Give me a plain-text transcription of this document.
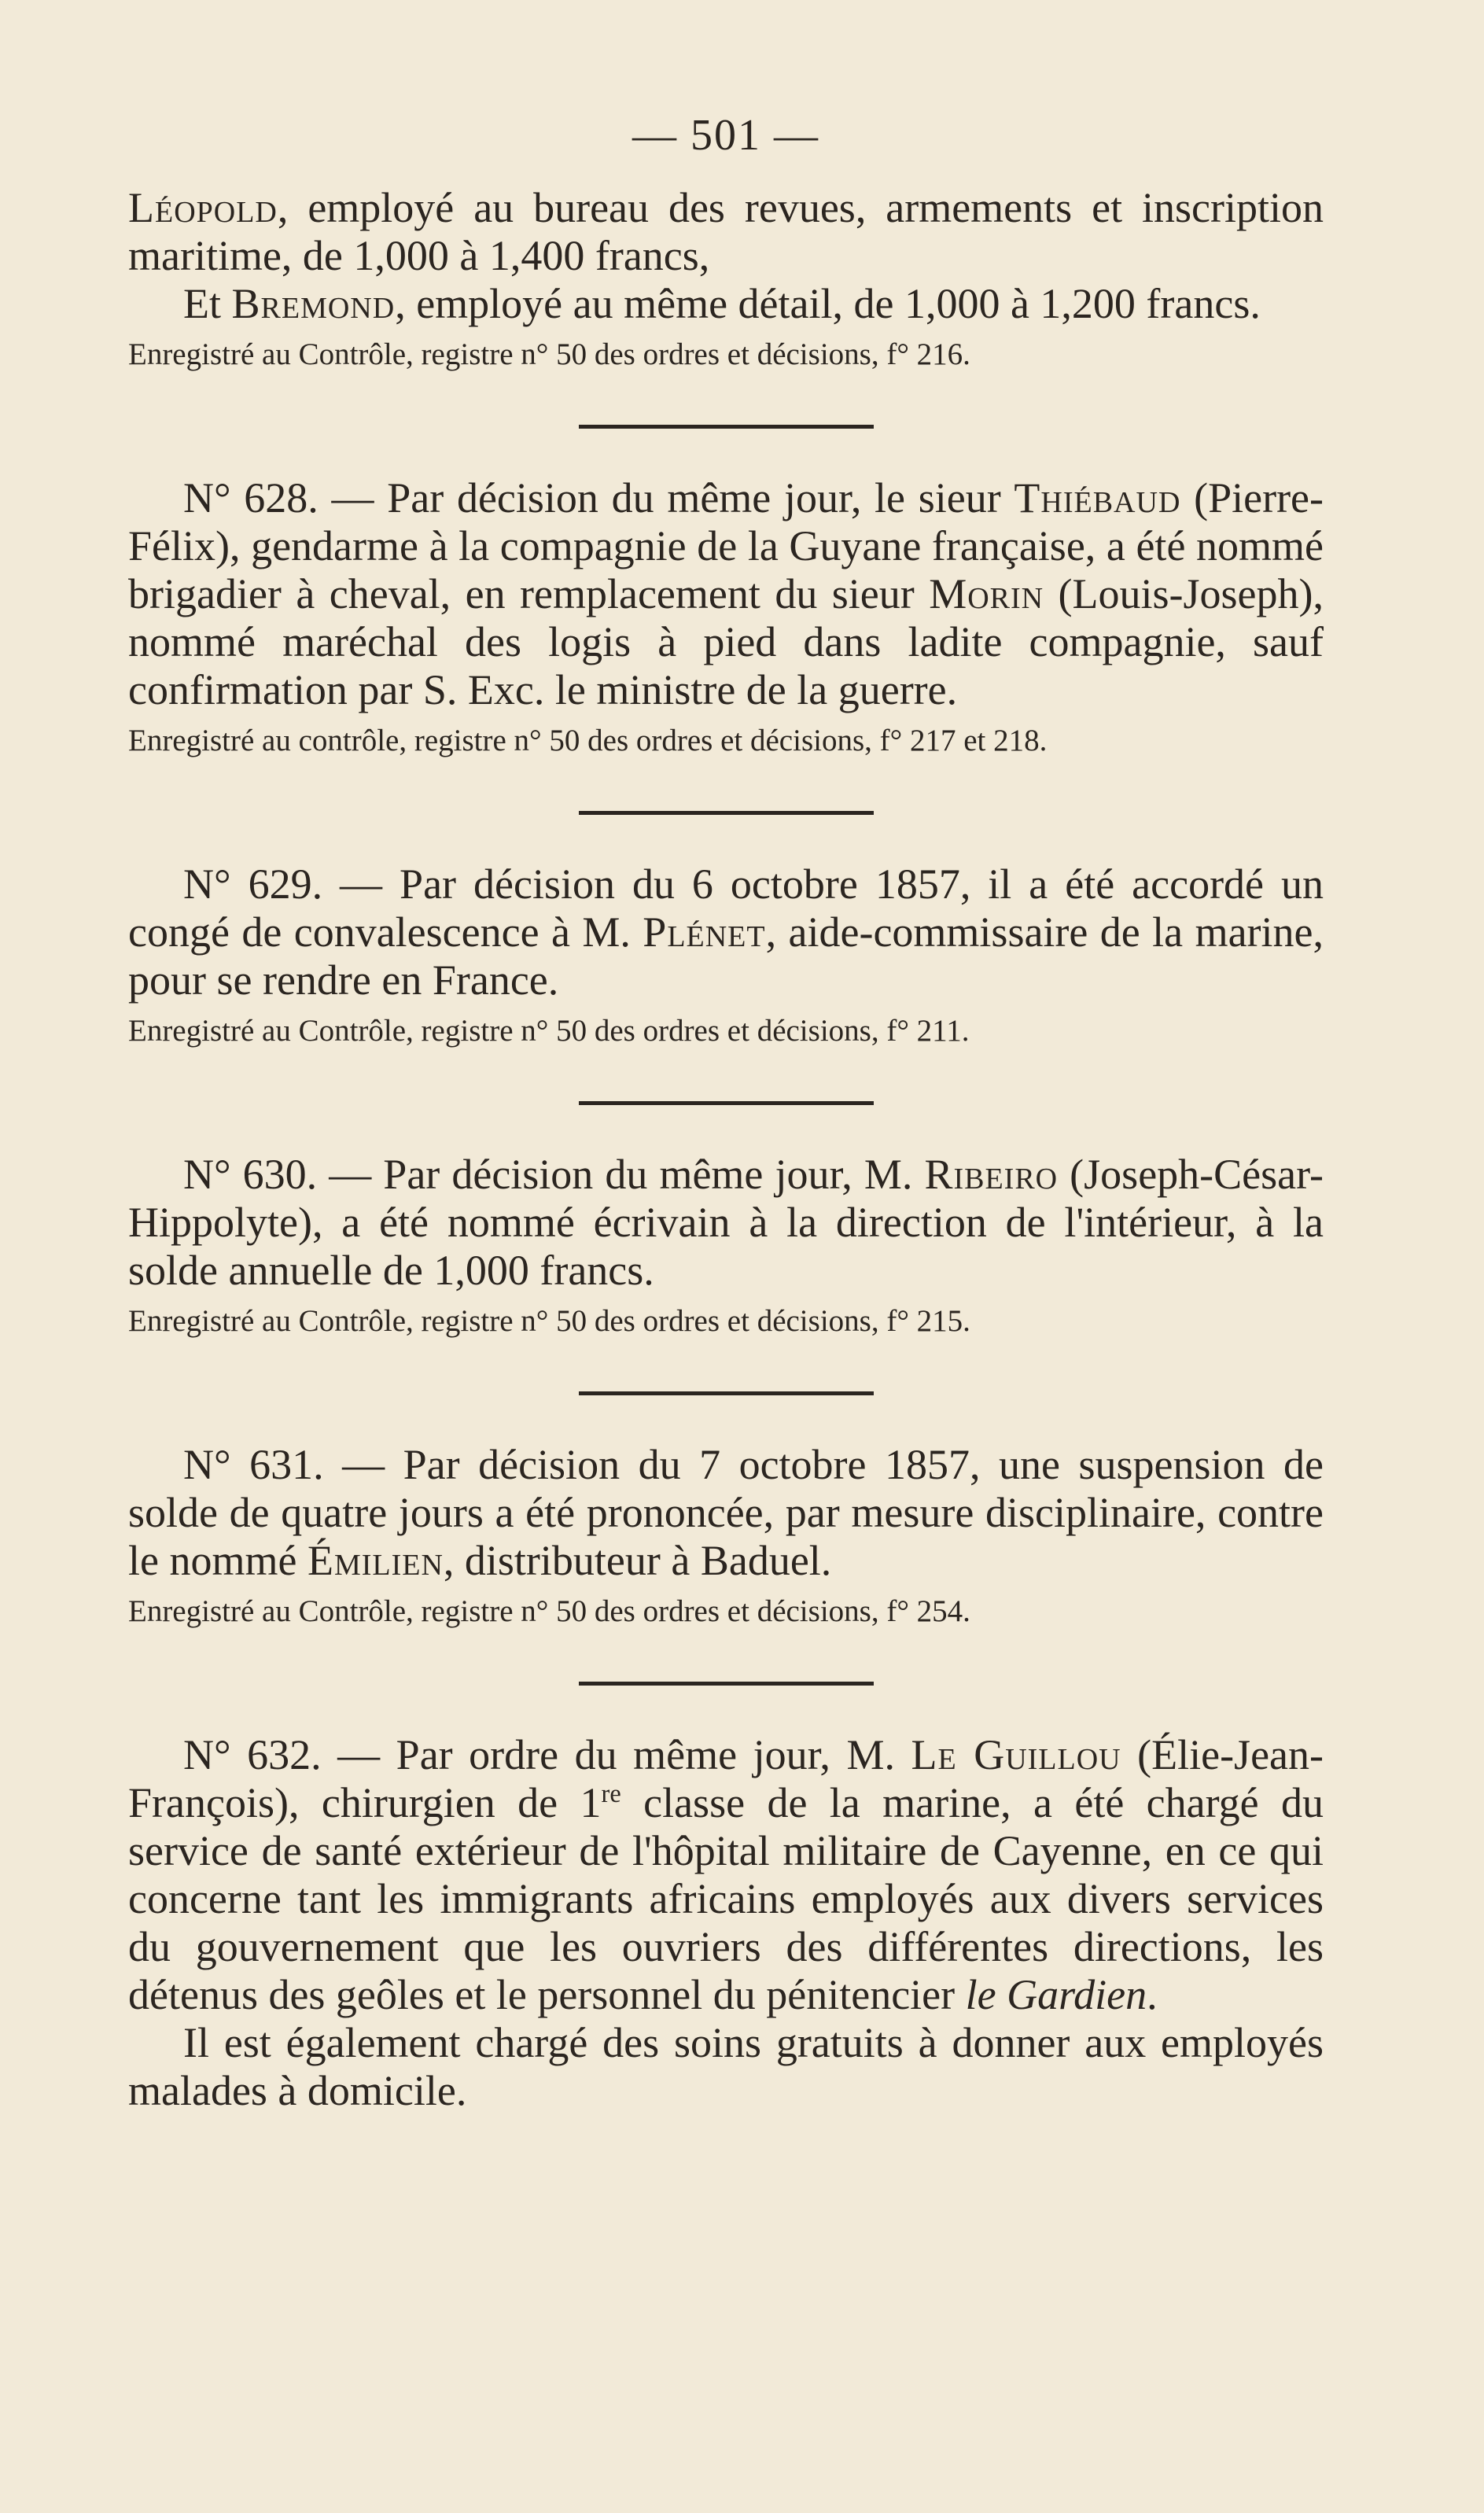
— 501 —

Léopold, employé au bureau des revues, armements et inscription maritime, de 1,000 à 1,400 francs,

Et Bremond, employé au même détail, de 1,000 à 1,200 francs.

Enregistré au Contrôle, registre n° 50 des ordres et décisions, f° 216.

N° 628. — Par décision du même jour, le sieur Thiébaud (Pierre-Félix), gendarme à la compagnie de la Guyane française, a été nommé brigadier à cheval, en remplacement du sieur Morin (Louis-Joseph), nommé maréchal des logis à pied dans ladite compagnie, sauf confirmation par S. Exc. le ministre de la guerre.

Enregistré au contrôle, registre n° 50 des ordres et décisions, f° 217 et 218.

N° 629. — Par décision du 6 octobre 1857, il a été accordé un congé de convalescence à M. Plénet, aide-commissaire de la marine, pour se rendre en France.

Enregistré au Contrôle, registre n° 50 des ordres et décisions, f° 211.

N° 630. — Par décision du même jour, M. Ribeiro (Joseph-César-Hippolyte), a été nommé écrivain à la direction de l'intérieur, à la solde annuelle de 1,000 francs.

Enregistré au Contrôle, registre n° 50 des ordres et décisions, f° 215.

N° 631. — Par décision du 7 octobre 1857, une suspension de solde de quatre jours a été prononcée, par mesure disciplinaire, contre le nommé Émilien, distributeur à Baduel.

Enregistré au Contrôle, registre n° 50 des ordres et décisions, f° 254.

N° 632. — Par ordre du même jour, M. Le Guillou (Élie-Jean-François), chirurgien de 1re classe de la marine, a été chargé du service de santé extérieur de l'hôpital militaire de Cayenne, en ce qui concerne tant les immigrants africains employés aux divers services du gouvernement que les ouvriers des différentes directions, les détenus des geôles et le personnel du pénitencier le Gardien.

Il est également chargé des soins gratuits à donner aux employés malades à domicile.
